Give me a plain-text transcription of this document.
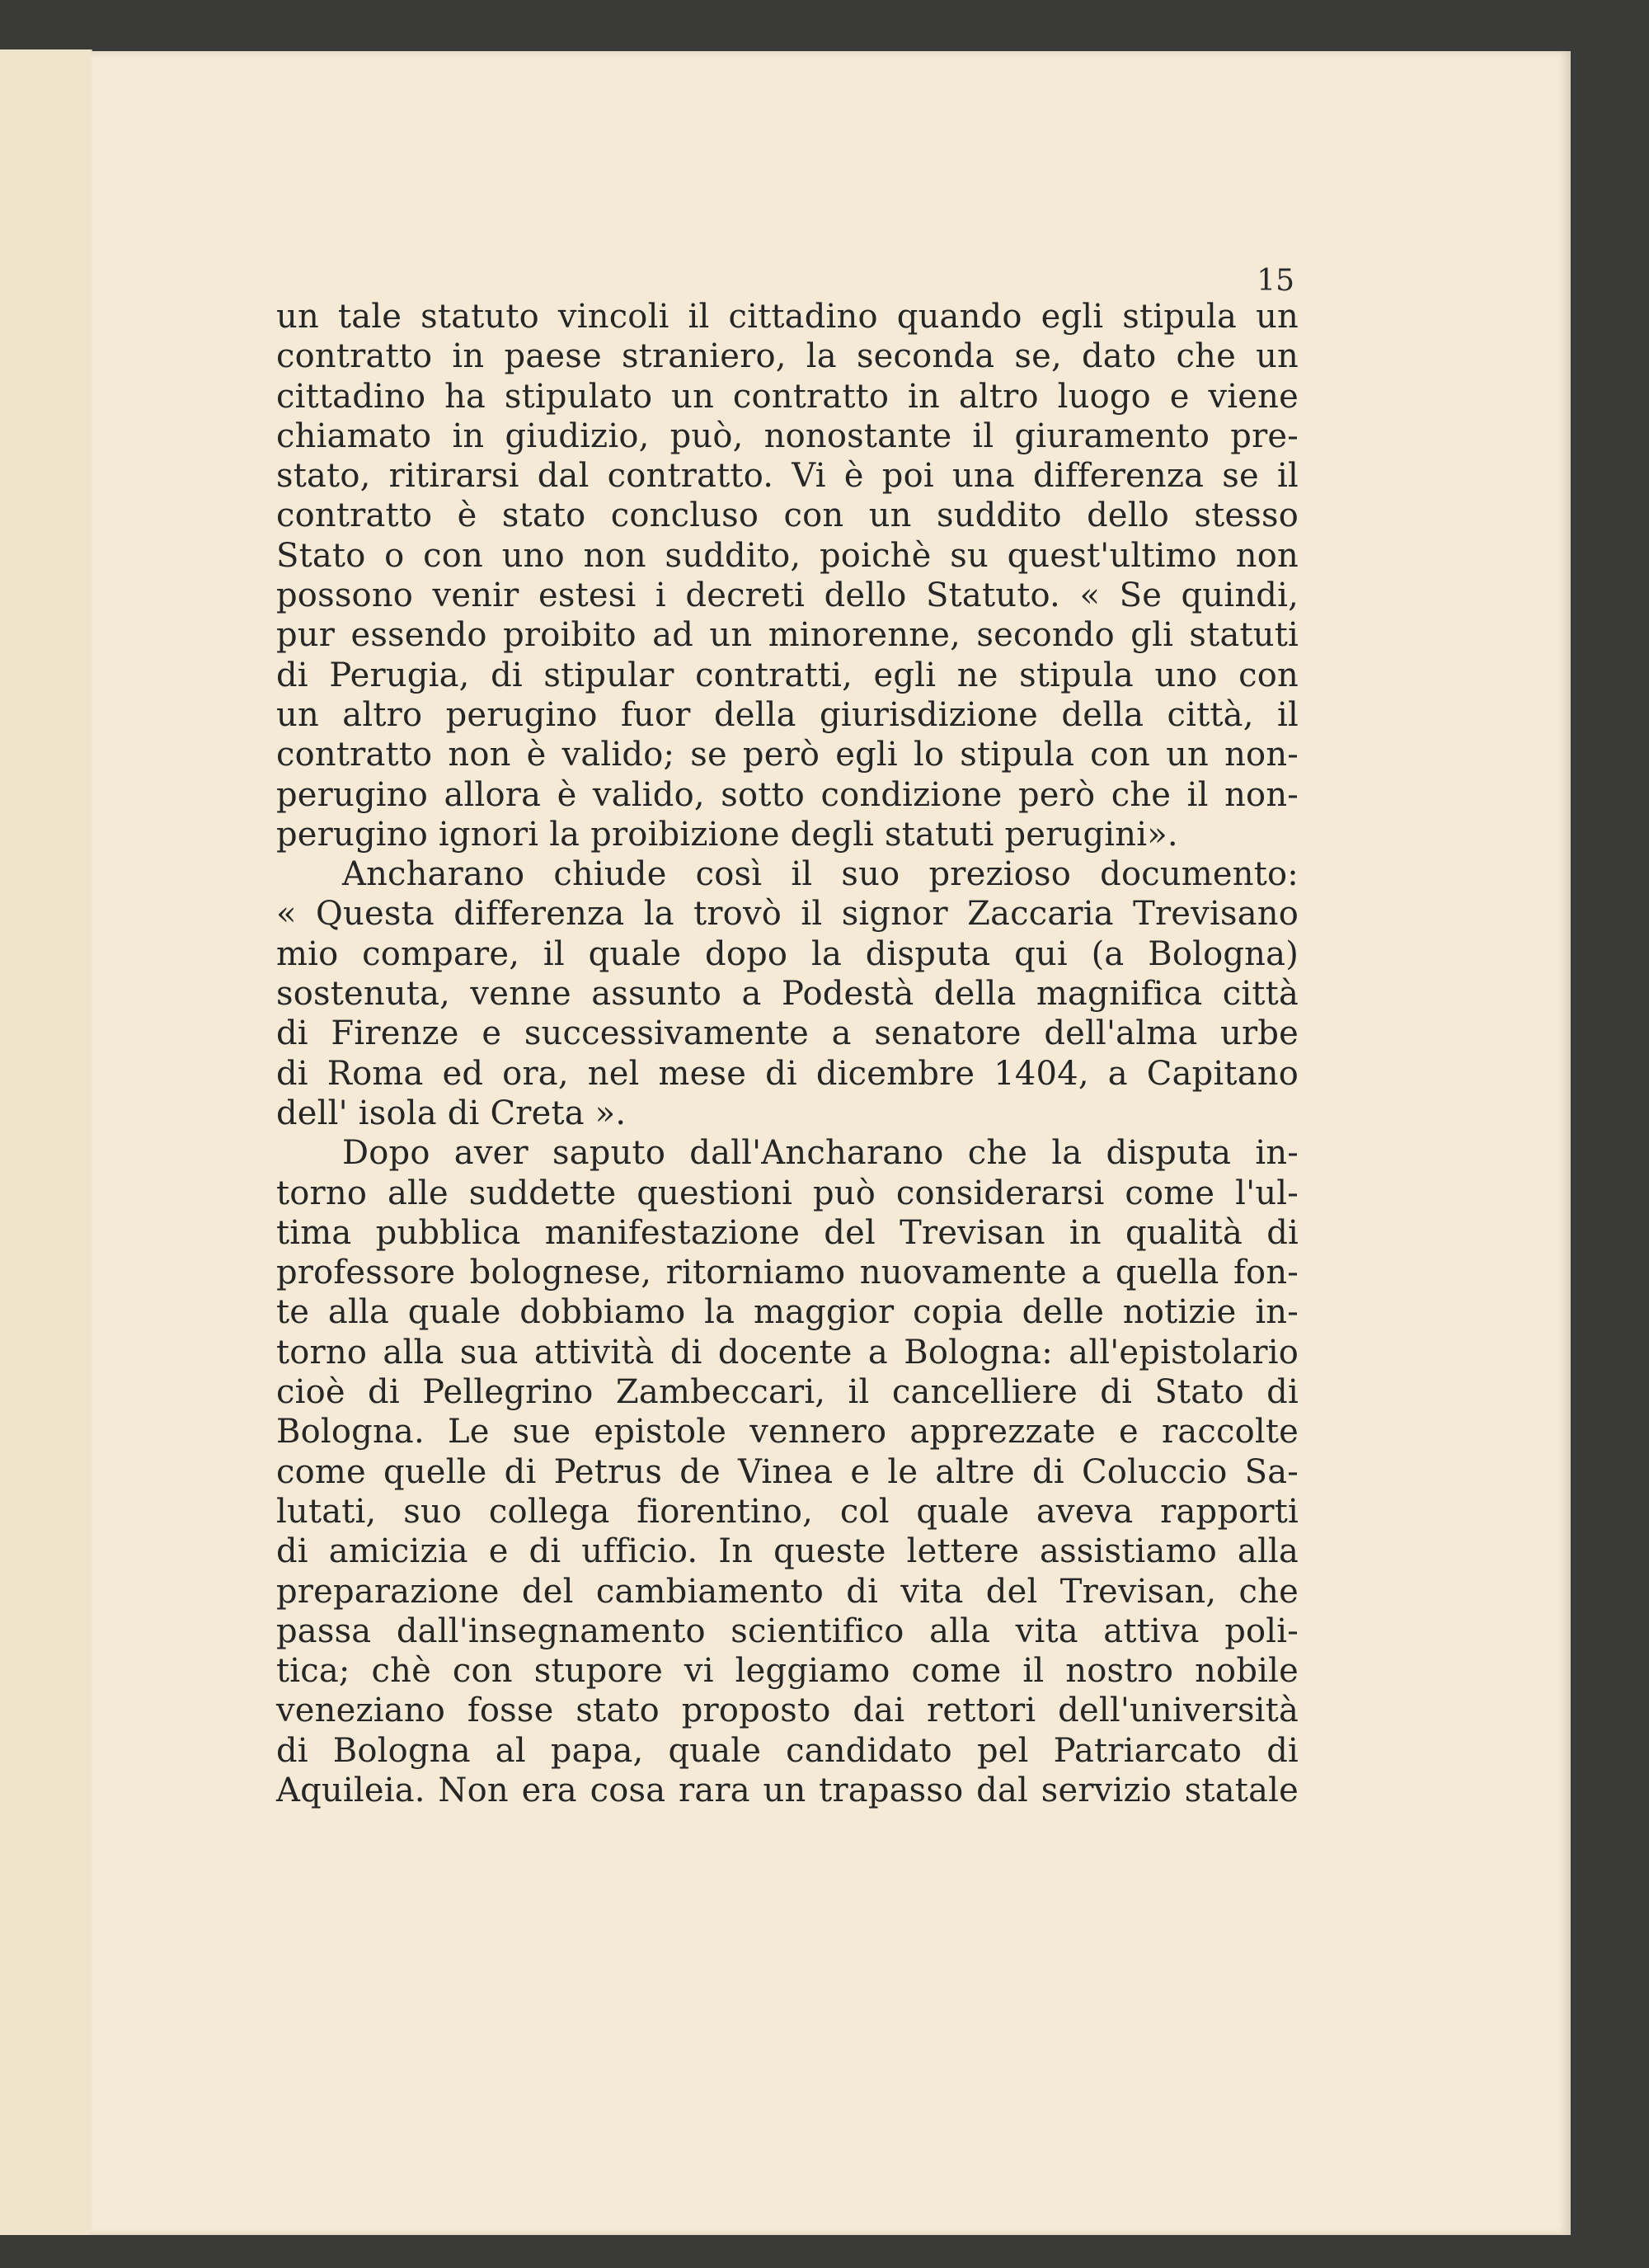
15
un tale statuto vincoli il cittadino quando egli stipula un
contratto in paese straniero, la seconda se, dato che un
cittadino ha stipulato un contratto in altro luogo e viene
chiamato in giudizio, può, nonostante il giuramento pre-
stato, ritirarsi dal contratto. Vi è poi una differenza se il
contratto è stato concluso con un suddito dello stesso
Stato o con uno non suddito, poichè su quest'ultimo non
possono venir estesi i decreti dello Statuto. « Se quindi,
pur essendo proibito ad un minorenne, secondo gli statuti
di Perugia, di stipular contratti, egli ne stipula uno con
un altro perugino fuor della giurisdizione della città, il
contratto non è valido; se però egli lo stipula con un non-
perugino allora è valido, sotto condizione però che il non-
perugino ignori la proibizione degli statuti perugini».
Ancharano chiude così il suo prezioso documento:
« Questa differenza la trovò il signor Zaccaria Trevisano
mio compare, il quale dopo la disputa qui (a Bologna)
sostenuta, venne assunto a Podestà della magnifica città
di Firenze e successivamente a senatore dell'alma urbe
di Roma ed ora, nel mese di dicembre 1404, a Capitano
dell' isola di Creta ».
Dopo aver saputo dall'Ancharano che la disputa in-
torno alle suddette questioni può considerarsi come l'ul-
tima pubblica manifestazione del Trevisan in qualità di
professore bolognese, ritorniamo nuovamente a quella fon-
te alla quale dobbiamo la maggior copia delle notizie in-
torno alla sua attività di docente a Bologna: all'epistolario
cioè di Pellegrino Zambeccari, il cancelliere di Stato di
Bologna. Le sue epistole vennero apprezzate e raccolte
come quelle di Petrus de Vinea e le altre di Coluccio Sa-
lutati, suo collega fiorentino, col quale aveva rapporti
di amicizia e di ufficio. In queste lettere assistiamo alla
preparazione del cambiamento di vita del Trevisan, che
passa dall'insegnamento scientifico alla vita attiva poli-
tica; chè con stupore vi leggiamo come il nostro nobile
veneziano fosse stato proposto dai rettori dell'università
di Bologna al papa, quale candidato pel Patriarcato di
Aquileia. Non era cosa rara un trapasso dal servizio statale
